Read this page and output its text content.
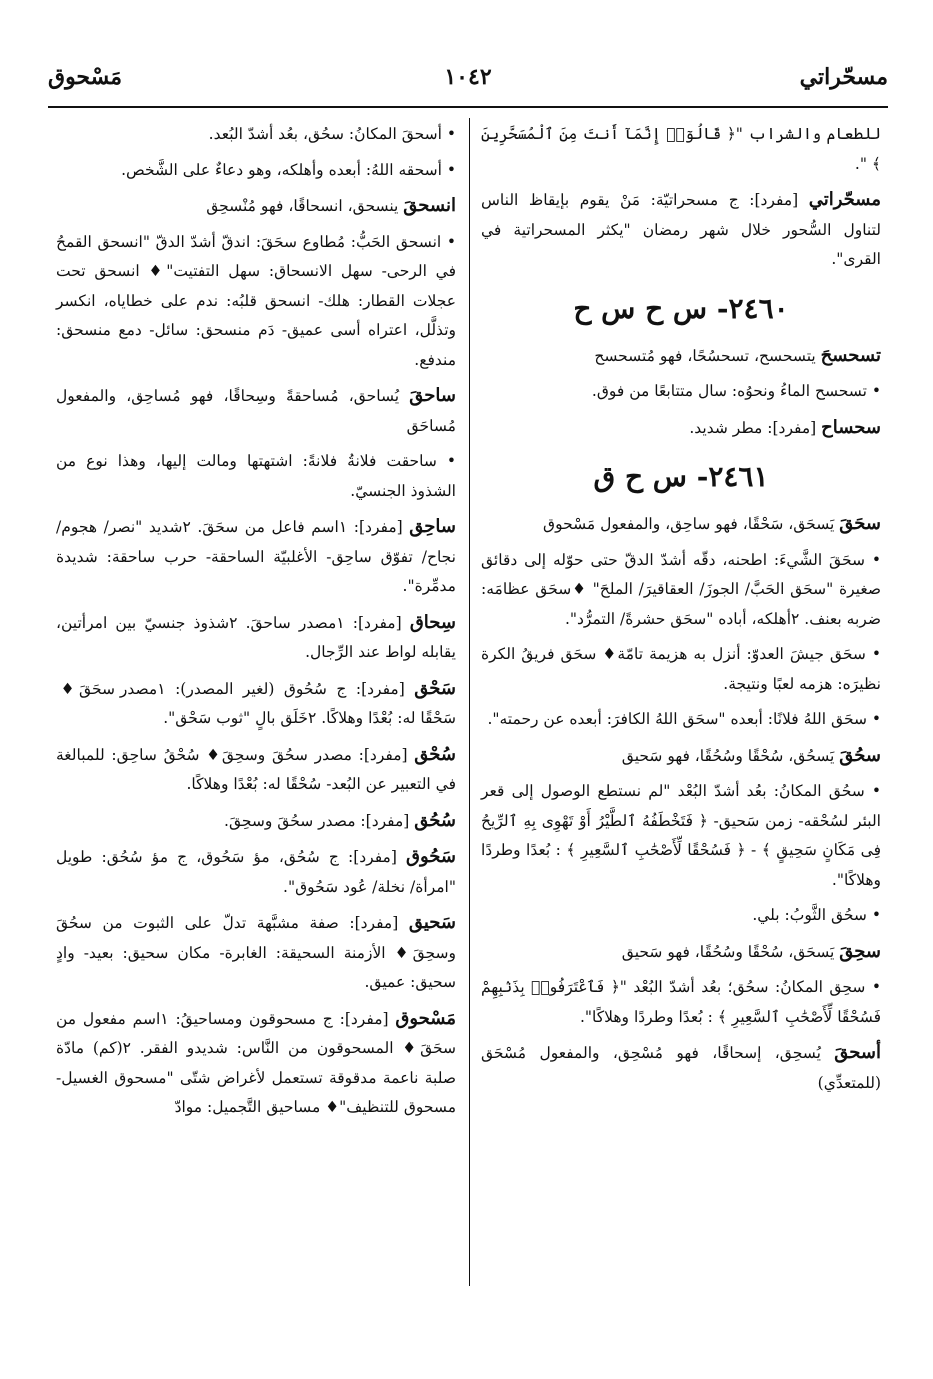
مسحّراتي
١٠٤٢
مَسْحوق

للطعام والشراب "﴿ قَالُوٓا۟ إِنَّمَآ أَنتَ مِنَ ٱلْمُسَحَّرِينَ ﴾ ".

مسحّراتي [مفرد]: ج مسحراتيّة: مَنْ يقوم بإيقاظ الناس لتناول السُّحور خلال شهر رمضان "يكثر المسحراتية في القرى".

٢٤٦٠- س ح س ح

تسحسحَ يتسحسح، تسحسُحًا، فهو مُتسحسح

• تسحسح الماءُ ونحوُه: سال متتابعًا من فوق.

سحساح [مفرد]: مطر شديد.

٢٤٦١- س ح ق

سحَقَ يَسحَق، سَحْقًا، فهو ساحِق، والمفعول مَسْحوق

• سحَقَ الشَّيءَ: اطحنه، دقّه أشدّ الدقّ حتى حوّله إلى دقائق صغيرة "سحَق الحَبَّ/ الجوزَ/ العقاقيرَ/ الملحَ" ♦سحَق عظامَه: ضربه بعنف. ٢أهلكه، أباده "سحَق حشرةً/ التمرُّد".

• سحَق جيشَ العدوّ: أنزل به هزيمة تامّة♦ سحَق فريقُ الكرة نظيرَه: هزمه لعبًا ونتيجة.

• سحَق اللهُ فلانًا: أبعده "سحَق اللهُ الكافرَ: أبعده عن رحمته".

سحُقَ يَسحُق، سُحْقًا وسُحُقًا، فهو سَحيق

• سحُق المكانُ: بعُد أشدّ البُعْد "لم نستطع الوصول إلى قعر البئر لسُحْقه- زمن سَحيق- ﴿ فَتَخْطَفُهُ ٱلطَّيْرُ أَوْ تَهْوِى بِهِ ٱلرِّيحُ فِى مَكَانٍ سَحِيقٍ ﴾ - ﴿ فَسُحْقًا لِّأَصْحَٰبِ ٱلسَّعِيرِ ﴾ : بُعدًا وطردًا وهلاكًا".

• سحُق الثَّوبُ: بلي.

سحِقَ يَسحَق، سُحْقًا وسُحُقًا، فهو سَحيق

• سحِق المكانُ: سحُق؛ بعُد أشدّ البُعْد "﴿ فَٱعْتَرَفُوا۟ بِذَنۢبِهِمْ فَسُحْقًا لِّأَصْحَٰبِ ٱلسَّعِيرِ ﴾ : بُعدًا وطردًا وهلاكًا".

أسحقَ يُسحِق، إسحاقًا، فهو مُسْحِق، والمفعول مُسْحَق (للمتعدِّي)

• أسحقَ المكانُ: سحُق، بعُد أشدّ البُعد.

• أسحقه اللهُ: أبعده وأهلكه، وهو دعاءٌ على الشَّخص.

انسحقَ ينسحق، انسحاقًا، فهو مُنْسحِق

• انسحق الحَبُّ: مُطاوع سحَقَ: اندقّ أشدّ الدقّ "انسحق القمحُ في الرحى- سهل الانسحاق: سهل التفتيت"♦ انسحق تحت عجلات القطار: هلك- انسحق قلبُه: ندم على خطاياه، انكسر وتذلَّل، اعتراه أسى عميق- دَم منسحق: سائل- دمع منسحق: مندفع.

ساحقَ يُساحق، مُساحقةً وسِحاقًا، فهو مُساحِق، والمفعول مُساحَق

• ساحقت فلانةُ فلانةً: اشتهتها ومالت إليها، وهذا نوع من الشذوذ الجنسيّ.

ساحِق [مفرد]: ١اسم فاعل من سحَقَ. ٢شديد "نصر/ هجوم/ نجاح/ تفوّق ساحِق- الأغلبيّة الساحقة- حرب ساحقة: شديدة مدمِّرة".

سِحاق [مفرد]: ١مصدر ساحقَ. ٢شذوذ جنسيّ بين امرأتين، يقابله لواط عند الرِّجال.

سَحْق [مفرد]: ج سُحُوق (لغير المصدر): ١مصدر سحَقَ♦ سَحْقًا له: بُعْدًا وهلاكًا. ٢خَلَق بالٍ "ثوب سَحْق".

سُحْق [مفرد]: مصدر سحُقَ وسحِقَ♦ سُحْقُ ساحِق: للمبالغة في التعبير عن البُعد- سُحْقًا له: بُعْدًا وهلاكًا.

سُحُق [مفرد]: مصدر سحُقَ وسحِقَ.

سَحُوق [مفرد]: ج سُحُق، مؤ سَحُوق، ج مؤ سُحُق: طويل "امرأة/ نخلة/ عُود سَحُوق".

سَحيق [مفرد]: صفة مشبَّهة تدلّ على الثبوت من سحُقَ وسحِقَ♦ الأزمنة السحيقة: الغابرة- مكان سحيق: بعيد- وادٍ سحيق: عميق.

مَسْحوق [مفرد]: ج مسحوقون ومساحيقُ: ١اسم مفعول من سحَقَ♦ المسحوقون من النَّاس: شديدو الفقر. ٢(كم) مادّة صلبة ناعمة مدقوقة تستعمل لأغراض شتّى "مسحوق الغسيل- مسحوق للتنظيف"♦ مساحيق التَّجميل: موادّ
